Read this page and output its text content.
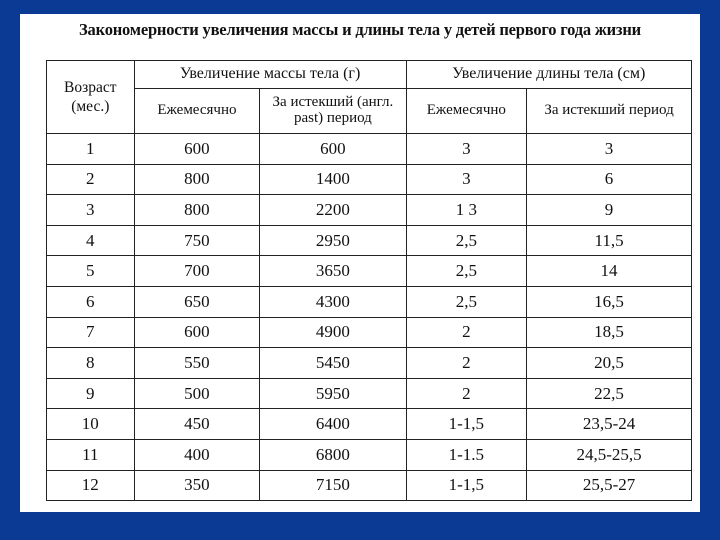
Закономерности увеличения массы и длины тела у детей первого года жизни
Возраст (мес.)	Увеличение массы тела (г)		Увеличение длины тела (см)	
	Ежемесячно	За истекший (англ. past) период	Ежемесячно	За истекший период
1	600	600	3	3
2	800	1400	3	6
3	800	2200	1 3	9
4	750	2950	2,5	11,5
5	700	3650	2,5	14
6	650	4300	2,5	16,5
7	600	4900	2	18,5
8	550	5450	2	20,5
9	500	5950	2	22,5
10	450	6400	1-1,5	23,5-24
11	400	6800	1-1.5	24,5-25,5
12	350	7150	1-1,5	25,5-27
